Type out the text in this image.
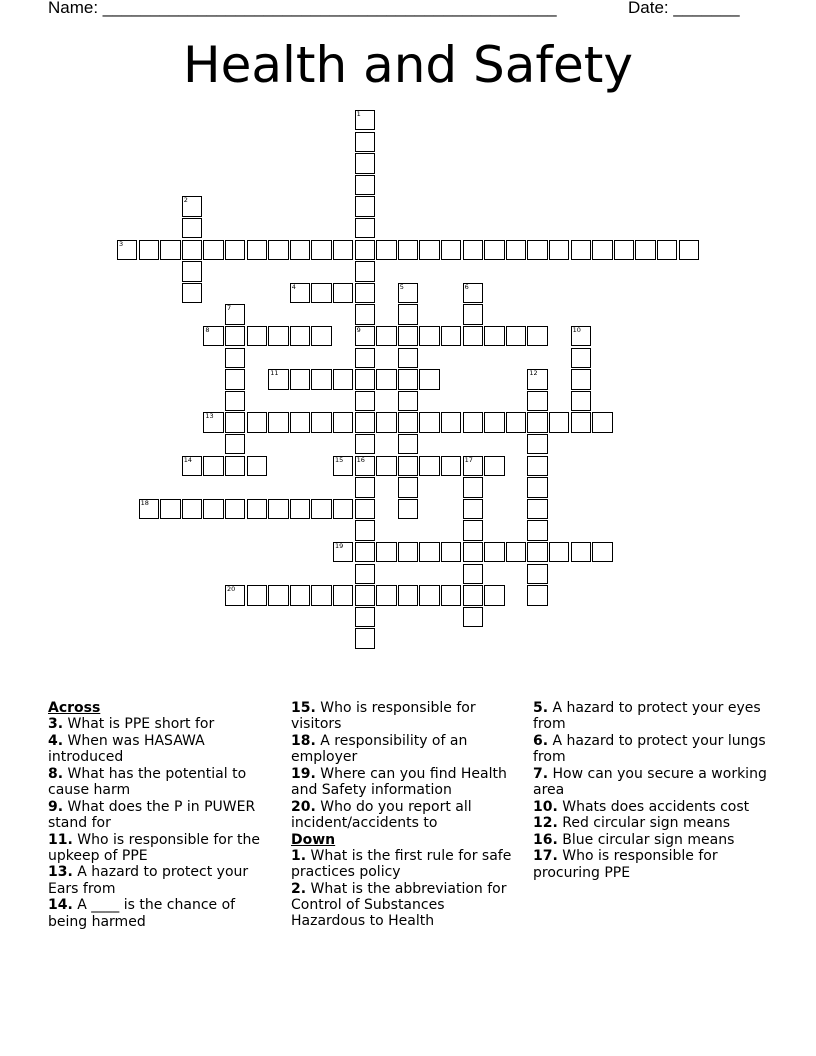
Name: ________________________________________________	Date: _______
Health and Safety
1
9
16
2
3
4	5	6
7
8	10
11	12
13
14	15	17
18
19
20
Across
3. What is PPE short for
4. When was HASAWA introduced
8. What has the potential to cause harm
9. What does the P in PUWER stand for
11. Who is responsible for the upkeep of PPE
13. A hazard to protect your Ears from
14. A ____ is the chance of being harmed
15. Who is responsible for visitors
18. A responsibility of an employer
19. Where can you find Health and Safety information
20. Who do you report all incident/accidents to
Down
1. What is the first rule for safe practices policy
2. What is the abbreviation for Control of Substances Hazardous to Health
5. A hazard to protect your eyes from
6. A hazard to protect your lungs from
7. How can you secure a working area
10. Whats does accidents cost
12. Red circular sign means
16. Blue circular sign means
17. Who is responsible for procuring PPE
